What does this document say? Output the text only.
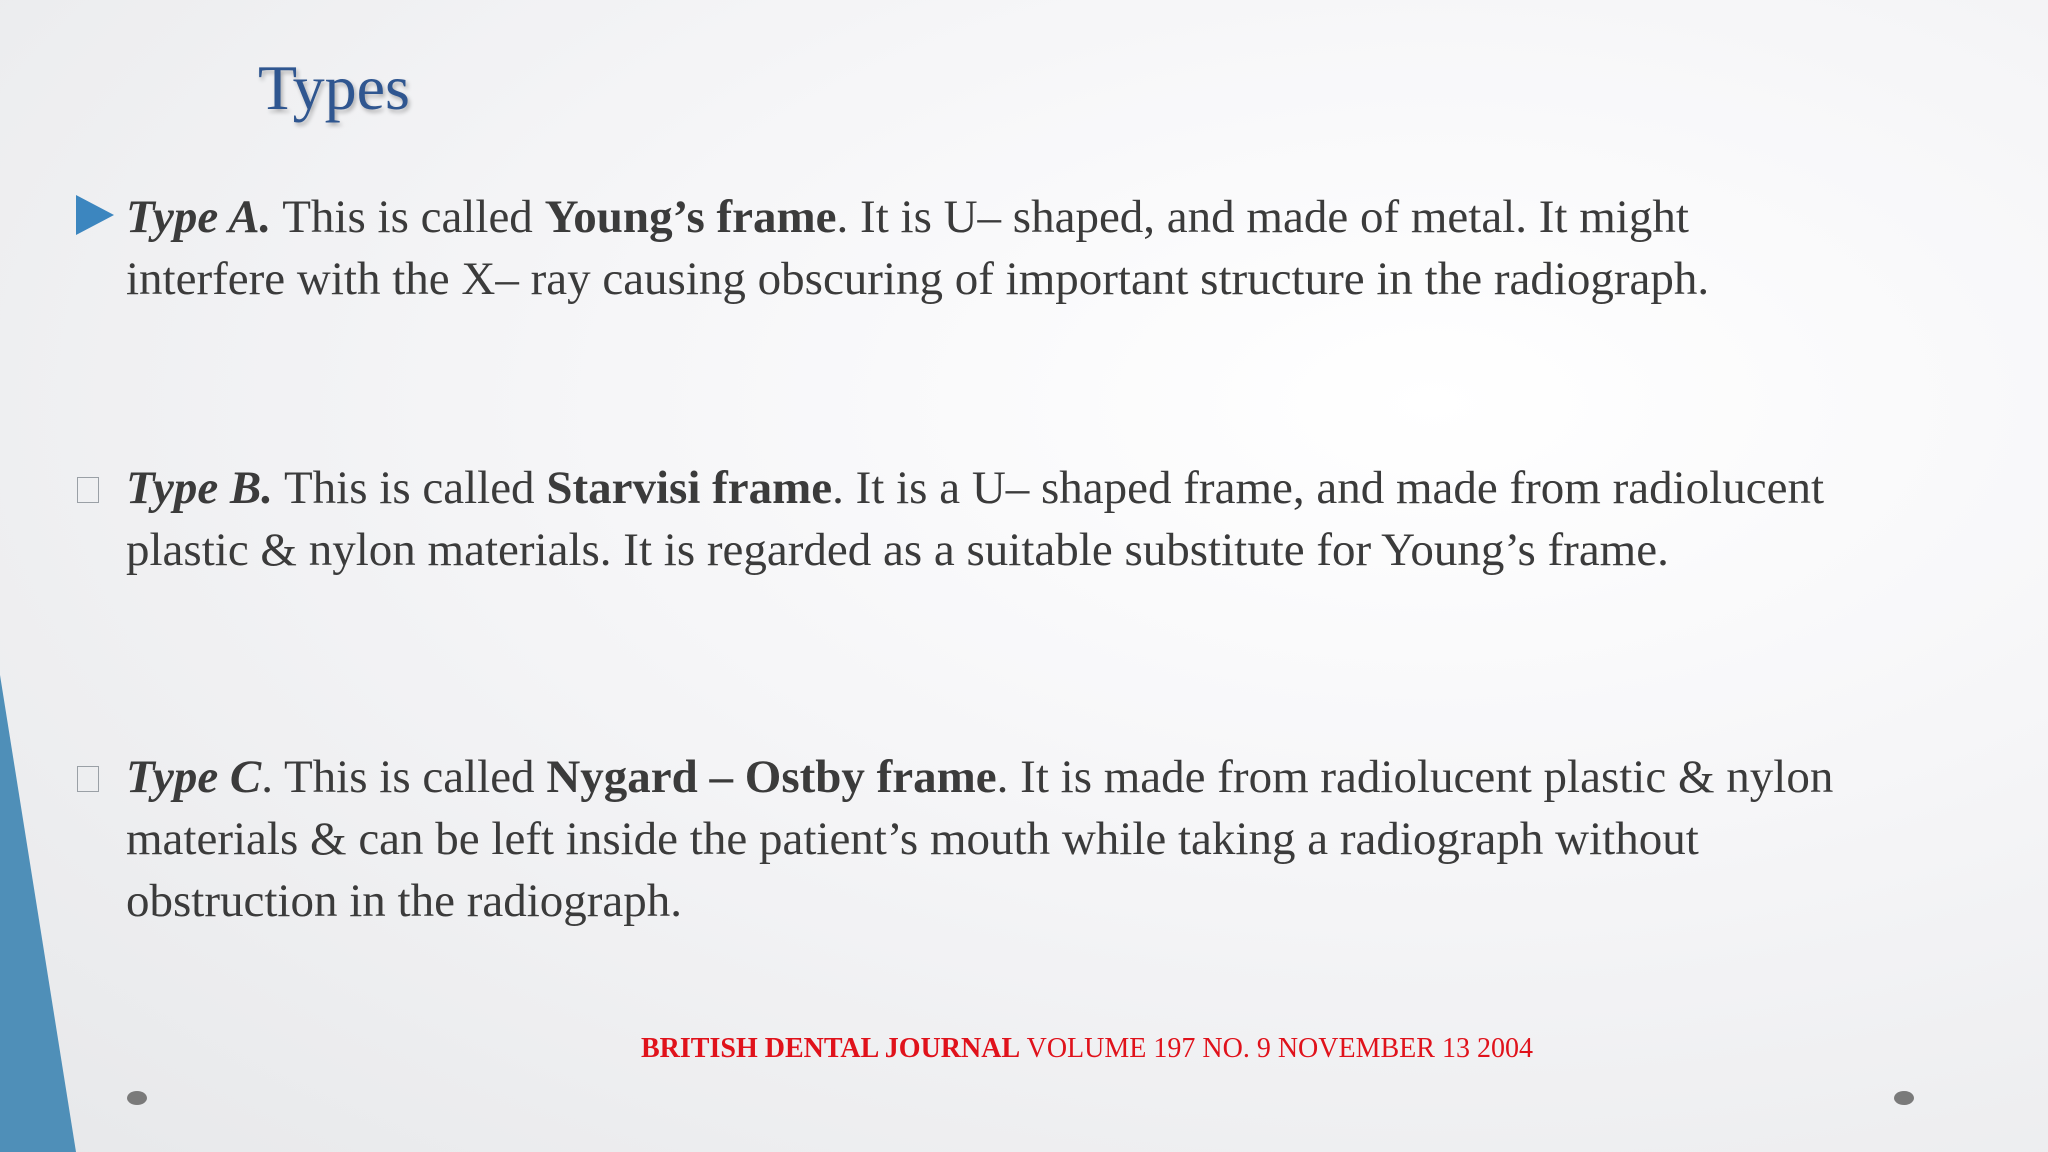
Types

Type A. This is called Young’s frame. It is U– shaped, and made of metal. It might interfere with the X– ray causing obscuring of important structure in the radiograph.

Type B. This is called Starvisi frame. It is a U– shaped frame, and made from radiolucent plastic & nylon materials. It is regarded as a suitable substitute for Young’s frame.

Type C. This is called Nygard – Ostby frame. It is made from radiolucent plastic & nylon materials & can be left inside the patient’s mouth while taking a radiograph without obstruction in the radiograph.

BRITISH DENTAL JOURNAL VOLUME 197 NO. 9 NOVEMBER 13 2004
